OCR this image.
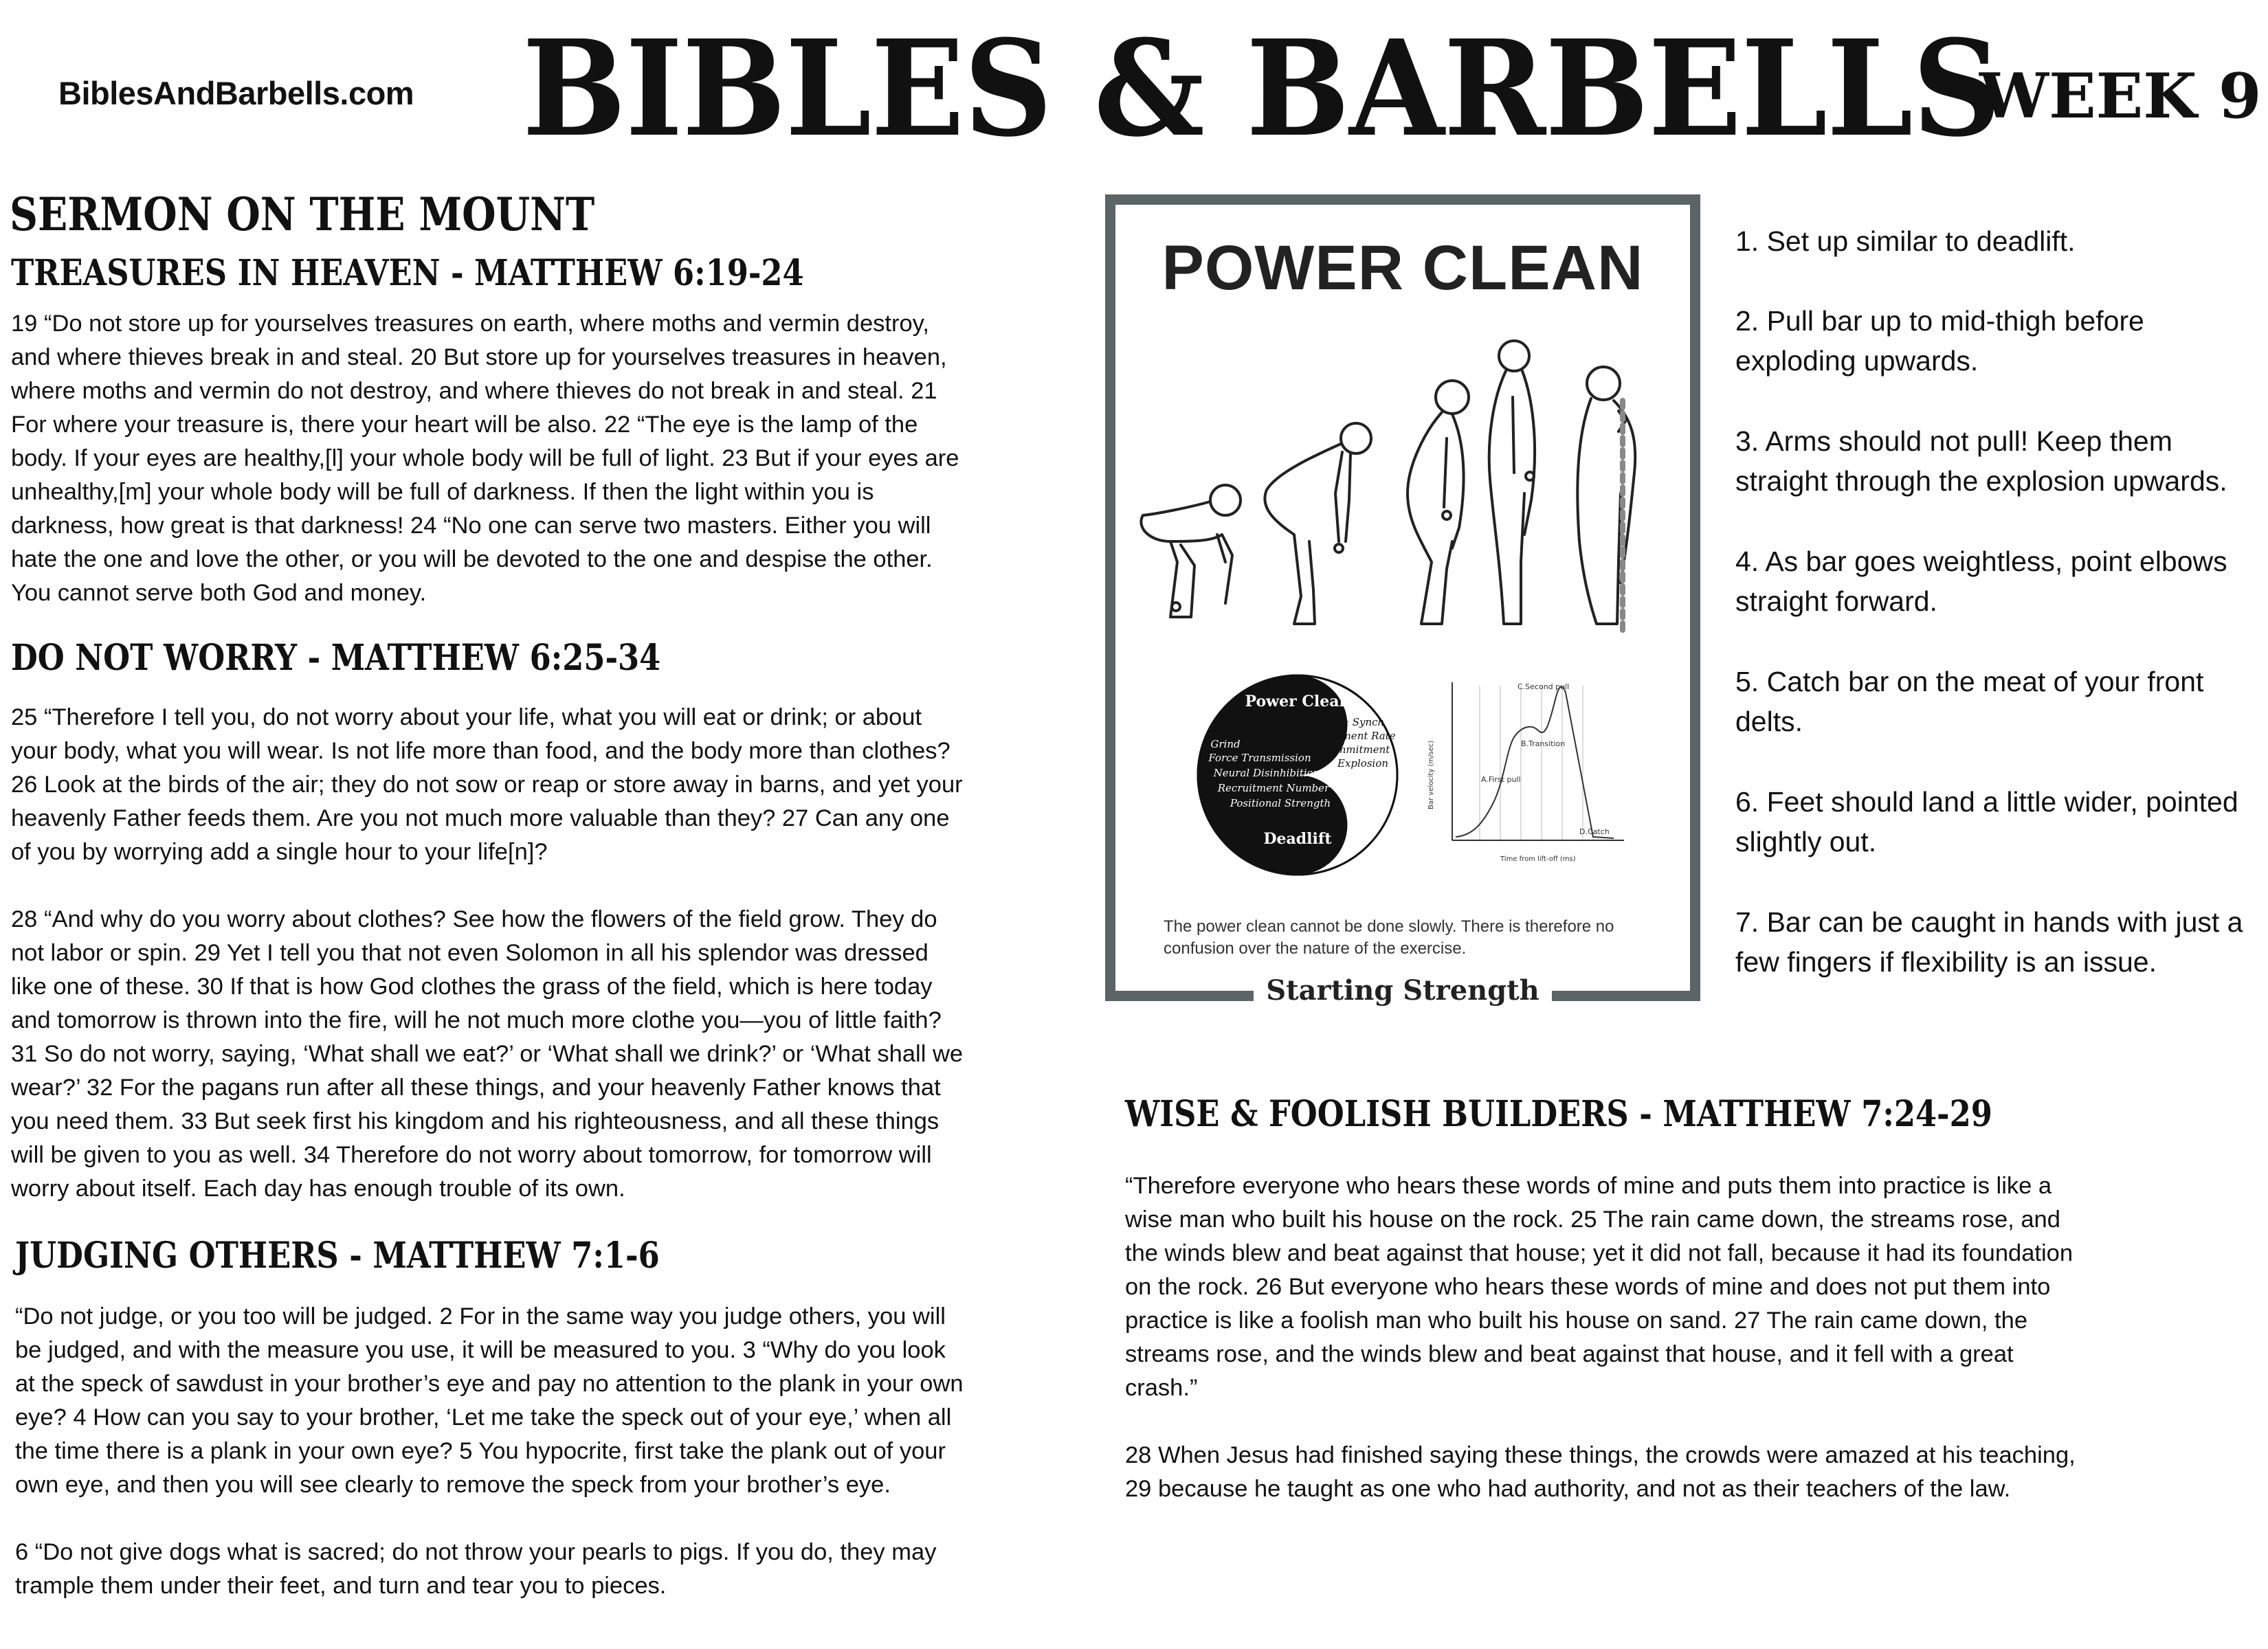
BiblesAndBarbells.com BIBLES & BARBELLS
WEEK 9
SERMON ON THE MOUNT
TREASURES IN HEAVEN - MATTHEW 6:19-24
19 “Do not store up for yourselves treasures on earth, where moths and vermin destroy,
and where thieves break in and steal. 20 But store up for yourselves treasures in heaven,
where moths and vermin do not destroy, and where thieves do not break in and steal. 21
For where your treasure is, there your heart will be also. 22 “The eye is the lamp of the
body. If your eyes are healthy,[l] your whole body will be full of light. 23 But if your eyes are
unhealthy,[m] your whole body will be full of darkness. If then the light within you is
darkness, how great is that darkness! 24 “No one can serve two masters. Either you will
hate the one and love the other, or you will be devoted to the one and despise the other.
You cannot serve both God and money.
DO NOT WORRY - MATTHEW 6:25-34
25 “Therefore I tell you, do not worry about your life, what you will eat or drink; or about
your body, what you will wear. Is not life more than food, and the body more than clothes?
26 Look at the birds of the air; they do not sow or reap or store away in barns, and yet your
heavenly Father feeds them. Are you not much more valuable than they? 27 Can any one
of you by worrying add a single hour to your life[n]?

28 “And why do you worry about clothes? See how the flowers of the field grow. They do
not labor or spin. 29 Yet I tell you that not even Solomon in all his splendor was dressed
like one of these. 30 If that is how God clothes the grass of the field, which is here today
and tomorrow is thrown into the fire, will he not much more clothe you—you of little faith?
31 So do not worry, saying, ‘What shall we eat?’ or ‘What shall we drink?’ or ‘What shall we
wear?’ 32 For the pagans run after all these things, and your heavenly Father knows that
you need them. 33 But seek first his kingdom and his righteousness, and all these things
will be given to you as well. 34 Therefore do not worry about tomorrow, for tomorrow will
worry about itself. Each day has enough trouble of its own.
JUDGING OTHERS - MATTHEW 7:1-6
“Do not judge, or you too will be judged. 2 For in the same way you judge others, you will
be judged, and with the measure you use, it will be measured to you. 3 “Why do you look
at the speck of sawdust in your brother’s eye and pay no attention to the plank in your own
eye? 4 How can you say to your brother, ‘Let me take the speck out of your eye,’ when all
the time there is a plank in your own eye? 5 You hypocrite, first take the plank out of your
own eye, and then you will see clearly to remove the speck from your brother’s eye.

6 “Do not give dogs what is sacred; do not throw your pearls to pigs. If you do, they may
trample them under their feet, and turn and tear you to pieces.
POWER CLEAN
Power Clean
Timing & Synch
Recruitment Rate
Commitment
Explosion
Grind
Force Transmission
Neural Disinhibition
Recruitment Number
Positional Strength
Deadlift
C.Second pull
B.Transition
A.First pull
D.Catch
Bar velocity (m/sec)
Time from lift-off (ms)
The power clean cannot be done slowly. There is therefore no confusion over the nature of the exercise.
Starting Strength
1. Set up similar to deadlift.
2. Pull bar up to mid-thigh before exploding upwards.
3. Arms should not pull! Keep them straight through the explosion upwards.
4. As bar goes weightless, point elbows straight forward.
5. Catch bar on the meat of your front delts.
6. Feet should land a little wider, pointed slightly out.
7. Bar can be caught in hands with just a few fingers if flexibility is an issue.
WISE & FOOLISH BUILDERS - MATTHEW 7:24-29
“Therefore everyone who hears these words of mine and puts them into practice is like a
wise man who built his house on the rock. 25 The rain came down, the streams rose, and
the winds blew and beat against that house; yet it did not fall, because it had its foundation
on the rock. 26 But everyone who hears these words of mine and does not put them into
practice is like a foolish man who built his house on sand. 27 The rain came down, the
streams rose, and the winds blew and beat against that house, and it fell with a great
crash.”

28 When Jesus had finished saying these things, the crowds were amazed at his teaching,
29 because he taught as one who had authority, and not as their teachers of the law.
